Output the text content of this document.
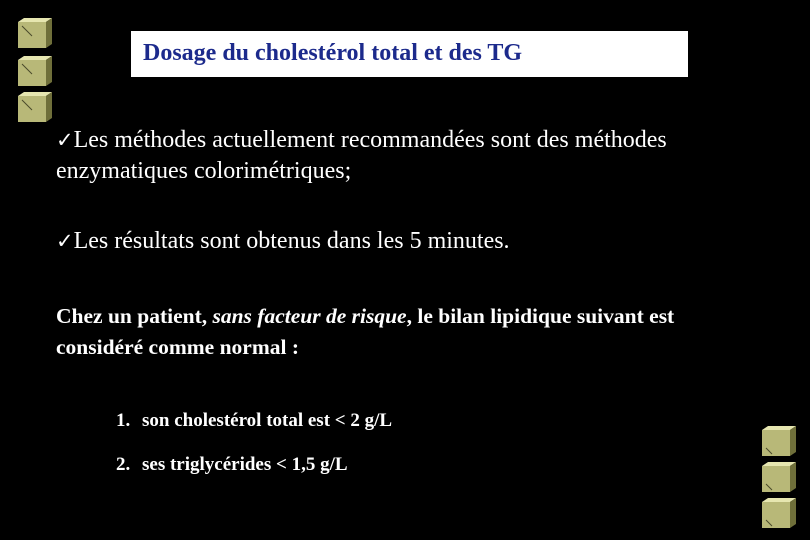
Dosage du cholestérol total et des TG
✓Les méthodes actuellement recommandées sont des méthodes enzymatiques colorimétriques;
✓Les résultats sont obtenus dans les 5 minutes.
Chez un patient, sans facteur de risque, le bilan lipidique suivant est considéré comme normal :
1. son cholestérol total est < 2 g/L
2. ses triglycérides < 1,5 g/L
